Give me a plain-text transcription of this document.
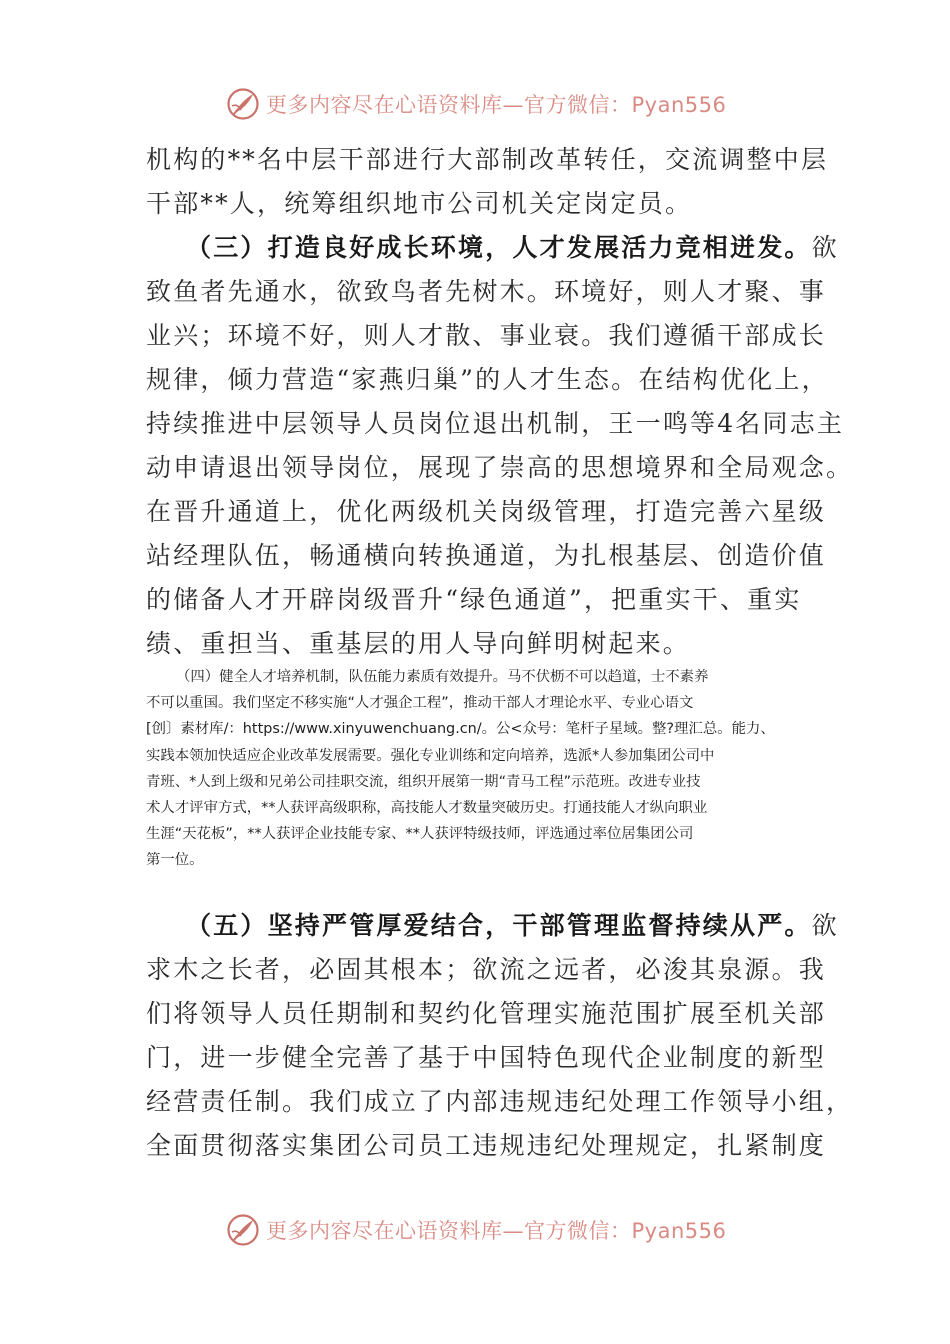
更多内容尽在心语资料库—官方微信：Pyan556
机构的**名中层干部进行大部制改革转任，交流调整中层
干部**人，统筹组织地市公司机关定岗定员。
（三）打造良好成长环境，人才发展活力竞相迸发。欲
致鱼者先通水，欲致鸟者先树木。环境好，则人才聚、事
业兴；环境不好，则人才散、事业衰。我们遵循干部成长
规律，倾力营造“家燕归巢”的人才生态。在结构优化上，
持续推进中层领导人员岗位退出机制，王一鸣等4名同志主
动申请退出领导岗位，展现了崇高的思想境界和全局观念。
在晋升通道上，优化两级机关岗级管理，打造完善六星级
站经理队伍，畅通横向转换通道，为扎根基层、创造价值
的储备人才开辟岗级晋升“绿色通道”，把重实干、重实
绩、重担当、重基层的用人导向鲜明树起来。
（四）健全人才培养机制，队伍能力素质有效提升。马不伏枥不可以趋道，士不素养
不可以重国。我们坚定不移实施“人才强企工程”，推动干部人才理论水平、专业心语文
[创〕素材库/：https://www.xinyuwenchuang.cn/。公<众号：笔杆子星域。整?理汇总。能力、
实践本领加快适应企业改革发展需要。强化专业训练和定向培养，选派*人参加集团公司中
青班、*人到上级和兄弟公司挂职交流，组织开展第一期“青马工程”示范班。改进专业技
术人才评审方式，**人获评高级职称，高技能人才数量突破历史。打通技能人才纵向职业
生涯“天花板”，**人获评企业技能专家、**人获评特级技师，评选通过率位居集团公司
第一位。
（五）坚持严管厚爱结合，干部管理监督持续从严。欲
求木之长者，必固其根本；欲流之远者，必浚其泉源。我
们将领导人员任期制和契约化管理实施范围扩展至机关部
门，进一步健全完善了基于中国特色现代企业制度的新型
经营责任制。我们成立了内部违规违纪处理工作领导小组，
全面贯彻落实集团公司员工违规违纪处理规定，扎紧制度
更多内容尽在心语资料库—官方微信：Pyan556
